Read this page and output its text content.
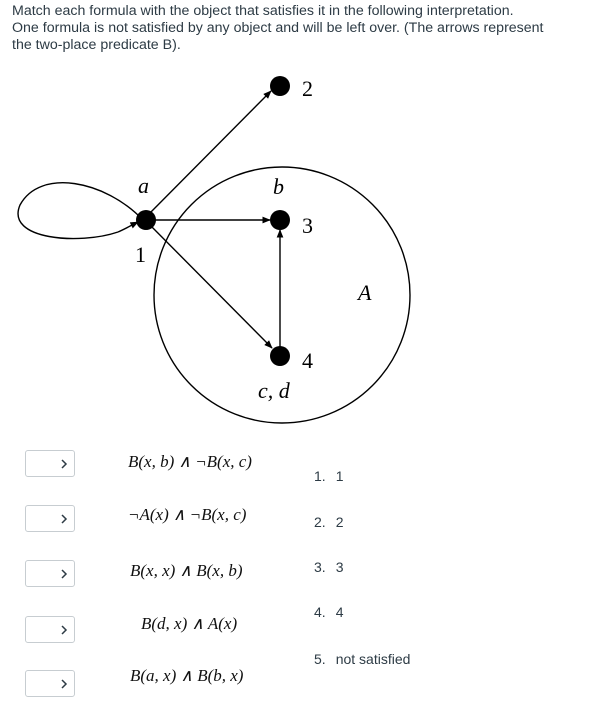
Match each formula with the object that satisfies it in the following interpretation.

One formula is not satisfied by any object and will be left over. (The arrows represent

the two-place predicate B).

a	b
c, d
A
1
2
3
4
B(x, b) ∧ ¬B(x, c)
¬A(x) ∧ ¬B(x, c)
B(x, x) ∧ B(x, b)
B(d, x) ∧ A(x)
B(a, x) ∧ B(b, x)
1. 1
2. 2
3. 3
4. 4
5. not satisfied
